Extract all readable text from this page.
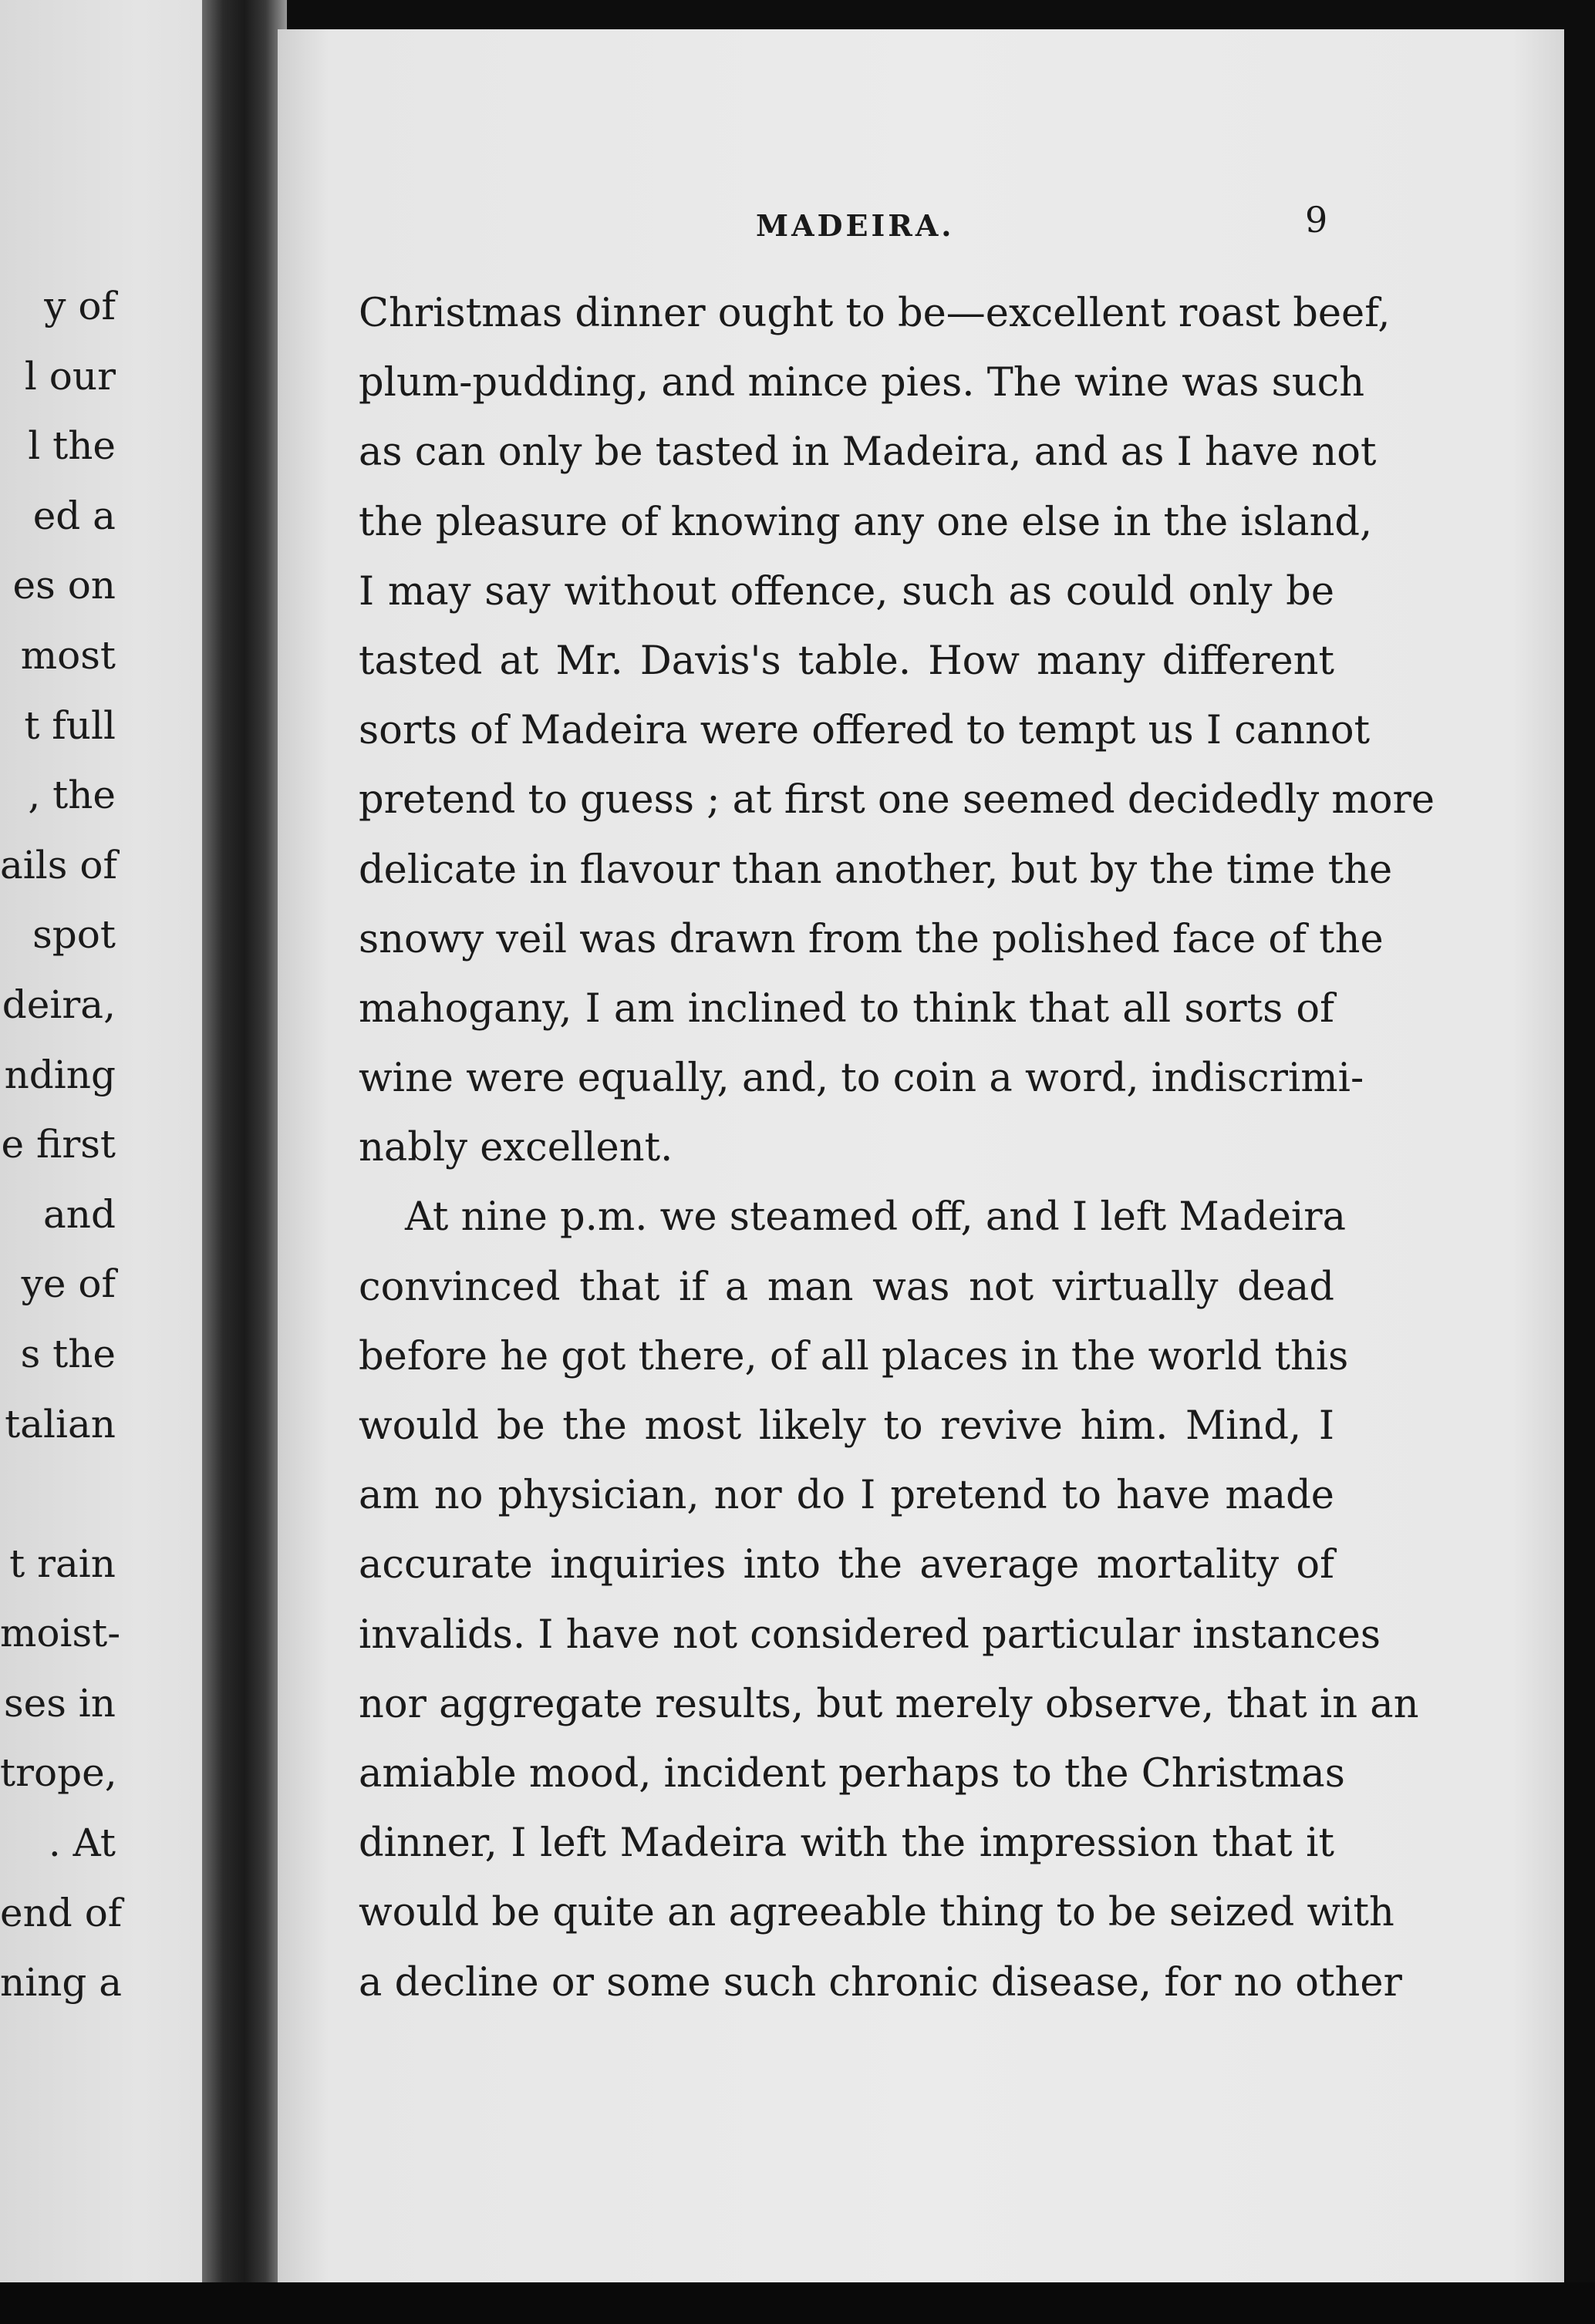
y of
l our
l the
ed a
es on
most
t full
, the
ails of
spot
deira,
nding
e first
and
ye of
s the
talian
t rain
moist-
ses in
trope,
. At
end of
ning a
MADEIRA.	9
Christmas dinner ought to be—excellent roast beef,
plum-pudding, and mince pies. The wine was such
as can only be tasted in Madeira, and as I have not
the pleasure of knowing any one else in the island,
I may say without offence, such as could only be
tasted at Mr. Davis's table. How many different
sorts of Madeira were offered to tempt us I cannot
pretend to guess ; at first one seemed decidedly more
delicate in flavour than another, but by the time the
snowy veil was drawn from the polished face of the
mahogany, I am inclined to think that all sorts of
wine were equally, and, to coin a word, indiscrimi-
nably excellent.
At nine p.m. we steamed off, and I left Madeira
convinced that if a man was not virtually dead
before he got there, of all places in the world this
would be the most likely to revive him. Mind, I
am no physician, nor do I pretend to have made
accurate inquiries into the average mortality of
invalids. I have not considered particular instances
nor aggregate results, but merely observe, that in an
amiable mood, incident perhaps to the Christmas
dinner, I left Madeira with the impression that it
would be quite an agreeable thing to be seized with
a decline or some such chronic disease, for no other
